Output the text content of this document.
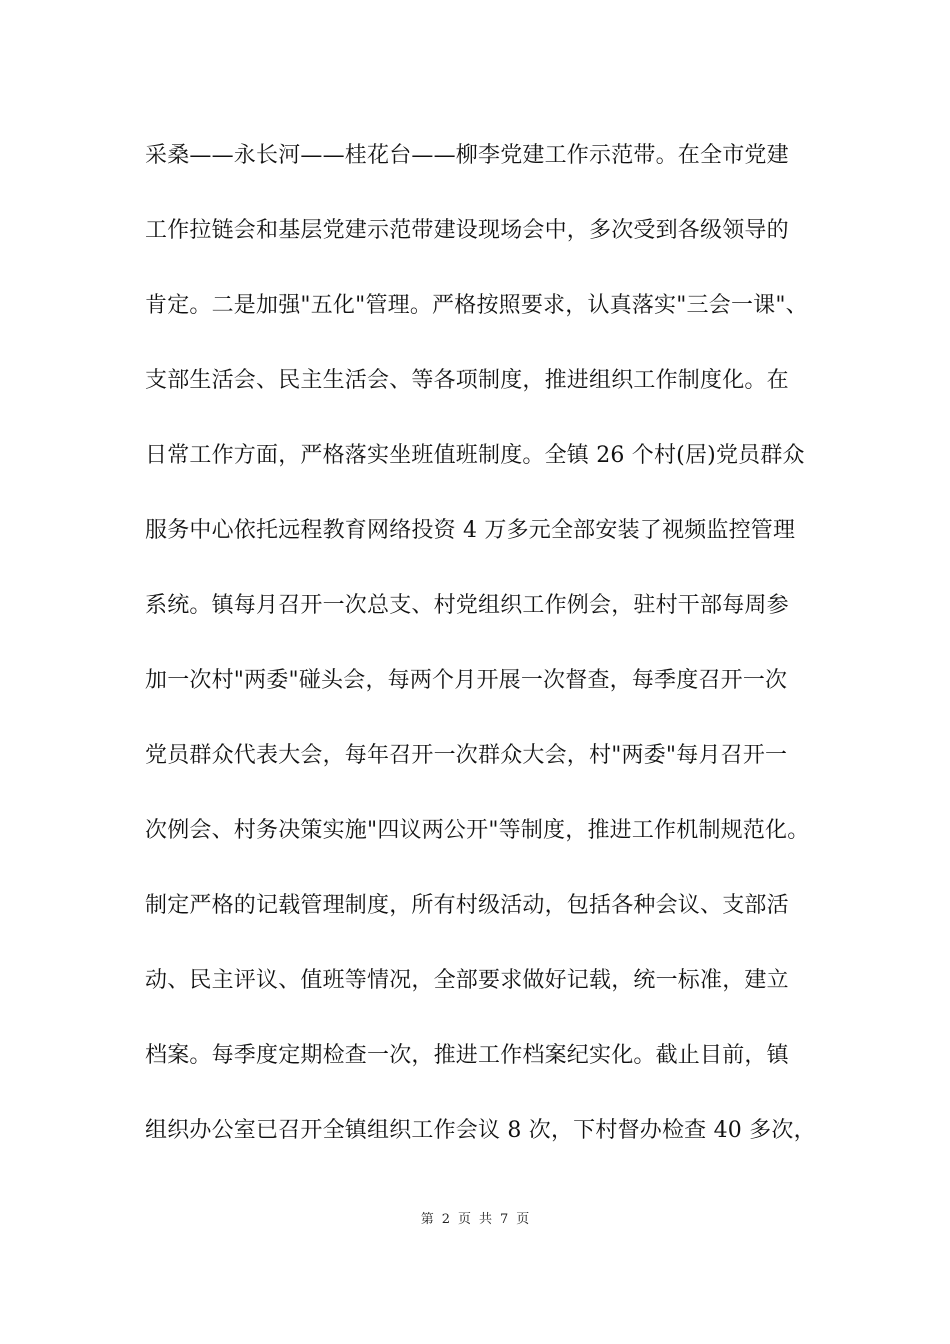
采桑——永长河——桂花台——柳李党建工作示范带。在全市党建
工作拉链会和基层党建示范带建设现场会中，多次受到各级领导的
肯定。二是加强"五化"管理。严格按照要求，认真落实"三会一课"、
支部生活会、民主生活会、等各项制度，推进组织工作制度化。在
日常工作方面，严格落实坐班值班制度。全镇 26 个村(居)党员群众
服务中心依托远程教育网络投资 4 万多元全部安装了视频监控管理
系统。镇每月召开一次总支、村党组织工作例会，驻村干部每周参
加一次村"两委"碰头会，每两个月开展一次督查，每季度召开一次
党员群众代表大会，每年召开一次群众大会，村"两委"每月召开一
次例会、村务决策实施"四议两公开"等制度，推进工作机制规范化。
制定严格的记载管理制度，所有村级活动，包括各种会议、支部活
动、民主评议、值班等情况，全部要求做好记载，统一标准，建立
档案。每季度定期检查一次，推进工作档案纪实化。截止目前，镇
组织办公室已召开全镇组织工作会议 8 次，下村督办检查 40 多次，
第 2 页 共 7 页
